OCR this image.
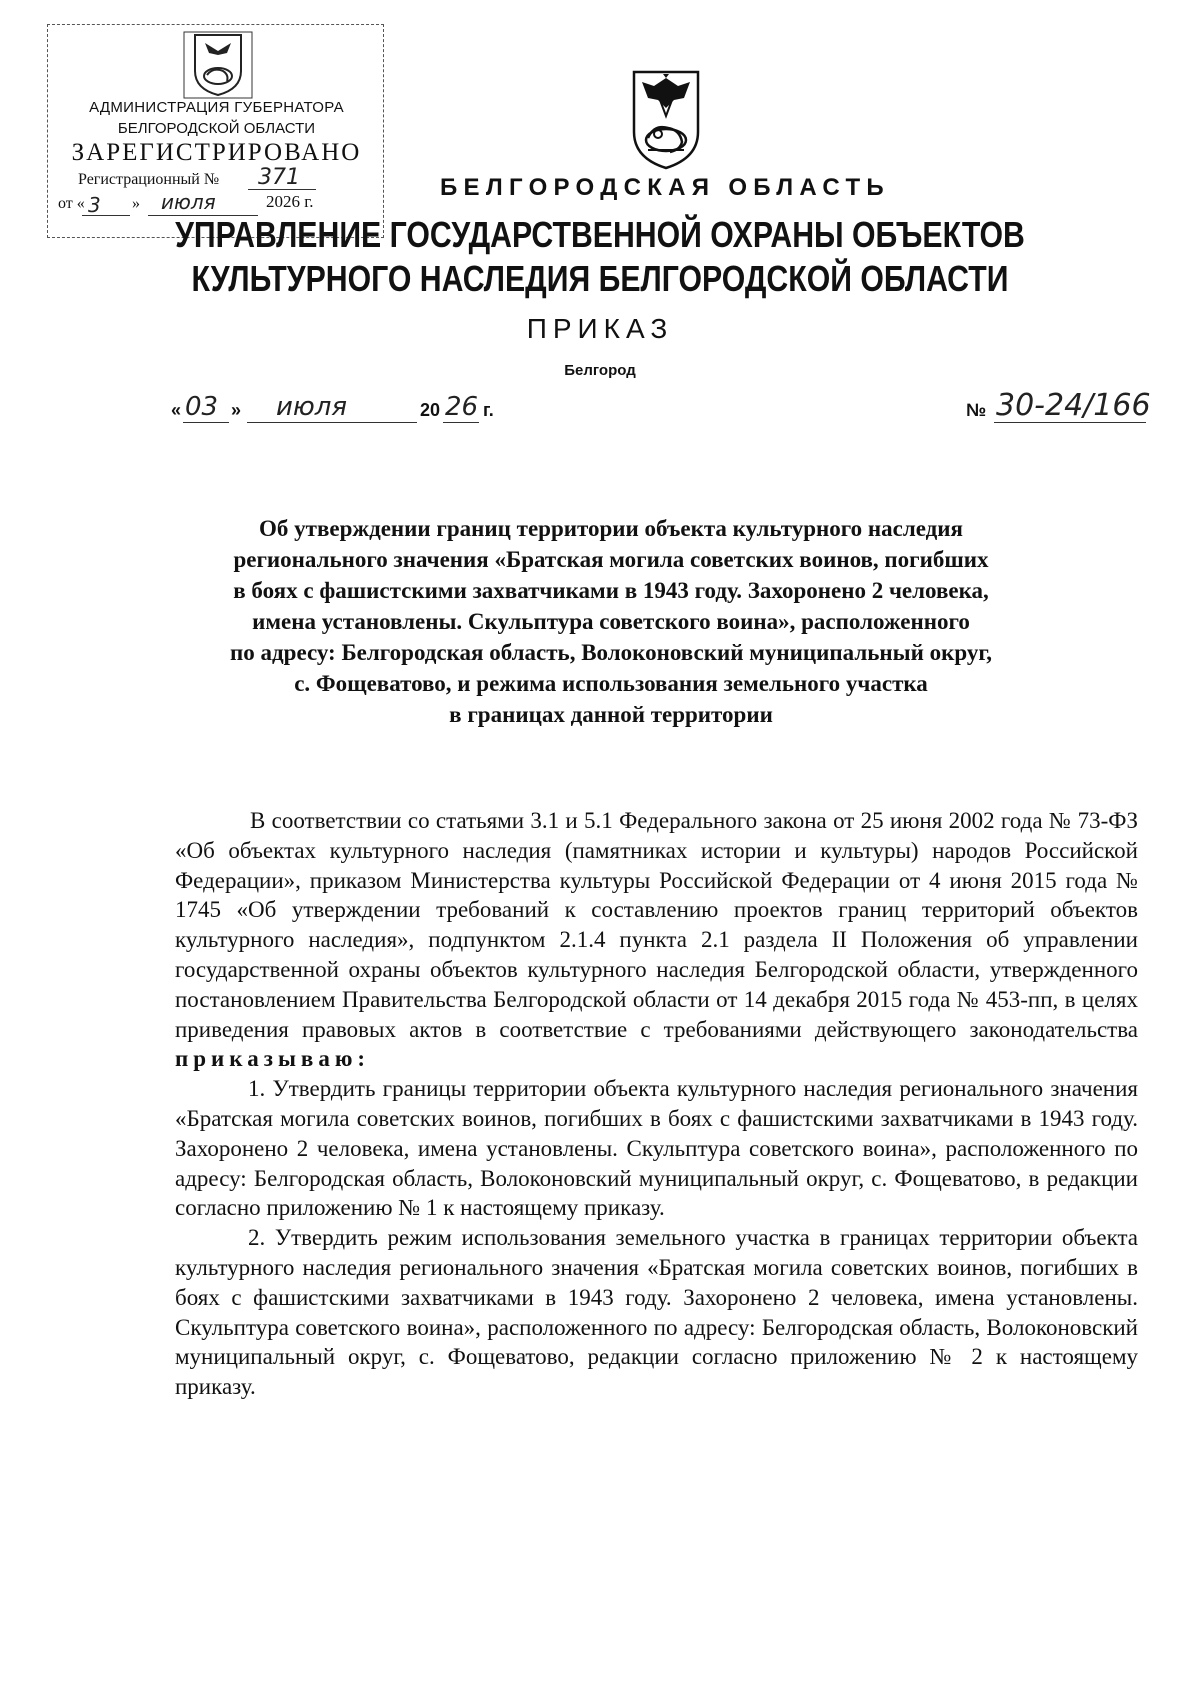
АДМИНИСТРАЦИЯ ГУБЕРНАТОРА
БЕЛГОРОДСКОЙ ОБЛАСТИ
ЗАРЕГИСТРИРОВАНО
Регистрационный № 371
от « 3 » июля	2026 г.
БЕЛГОРОДСКАЯ ОБЛАСТЬ
УПРАВЛЕНИЕ ГОСУДАРСТВЕННОЙ ОХРАНЫ ОБЪЕКТОВ
КУЛЬТУРНОГО НАСЛЕДИЯ БЕЛГОРОДСКОЙ ОБЛАСТИ
ПРИКАЗ
Белгород
« 03 » июля	20 26 г.	№ 30-24/166
Об утверждении границ территории объекта культурного наследия
регионального значения «Братская могила советских воинов, погибших
в боях с фашистскими захватчиками в 1943 году. Захоронено 2 человека,
имена установлены. Скульптура советского воина», расположенного
по адресу: Белгородская область, Волоконовский муниципальный округ,
с. Фощеватово, и режима использования земельного участка
в границах данной территории

В соответствии со статьями 3.1 и 5.1 Федерального закона от 25 июня 2002 года № 73-ФЗ «Об объектах культурного наследия (памятниках истории и культуры) народов Российской Федерации», приказом Министерства культуры Российской Федерации от 4 июня 2015 года № 1745 «Об утверждении требований к составлению проектов границ территорий объектов культурного наследия», подпунктом 2.1.4 пункта 2.1 раздела II Положения об управлении государственной охраны объектов культурного наследия Белгородской области, утвержденного постановлением Правительства Белгородской области от 14 декабря 2015 года № 453-пп, в целях приведения правовых актов в соответствие с требованиями действующего законодательства

приказываю:

1. Утвердить границы территории объекта культурного наследия регионального значения «Братская могила советских воинов, погибших в боях с фашистскими захватчиками в 1943 году. Захоронено 2 человека, имена установлены. Скульптура советского воина», расположенного по адресу: Белгородская область, Волоконовский муниципальный округ, с. Фощеватово, в редакции согласно приложению № 1 к настоящему приказу.

2. Утвердить режим использования земельного участка в границах территории объекта культурного наследия регионального значения «Братская могила советских воинов, погибших в боях с фашистскими захватчиками в 1943 году. Захоронено 2 человека, имена установлены. Скульптура советского воина», расположенного по адресу: Белгородская область, Волоконовский муниципальный округ, с. Фощеватово, редакции согласно приложению № 2 к настоящему приказу.
